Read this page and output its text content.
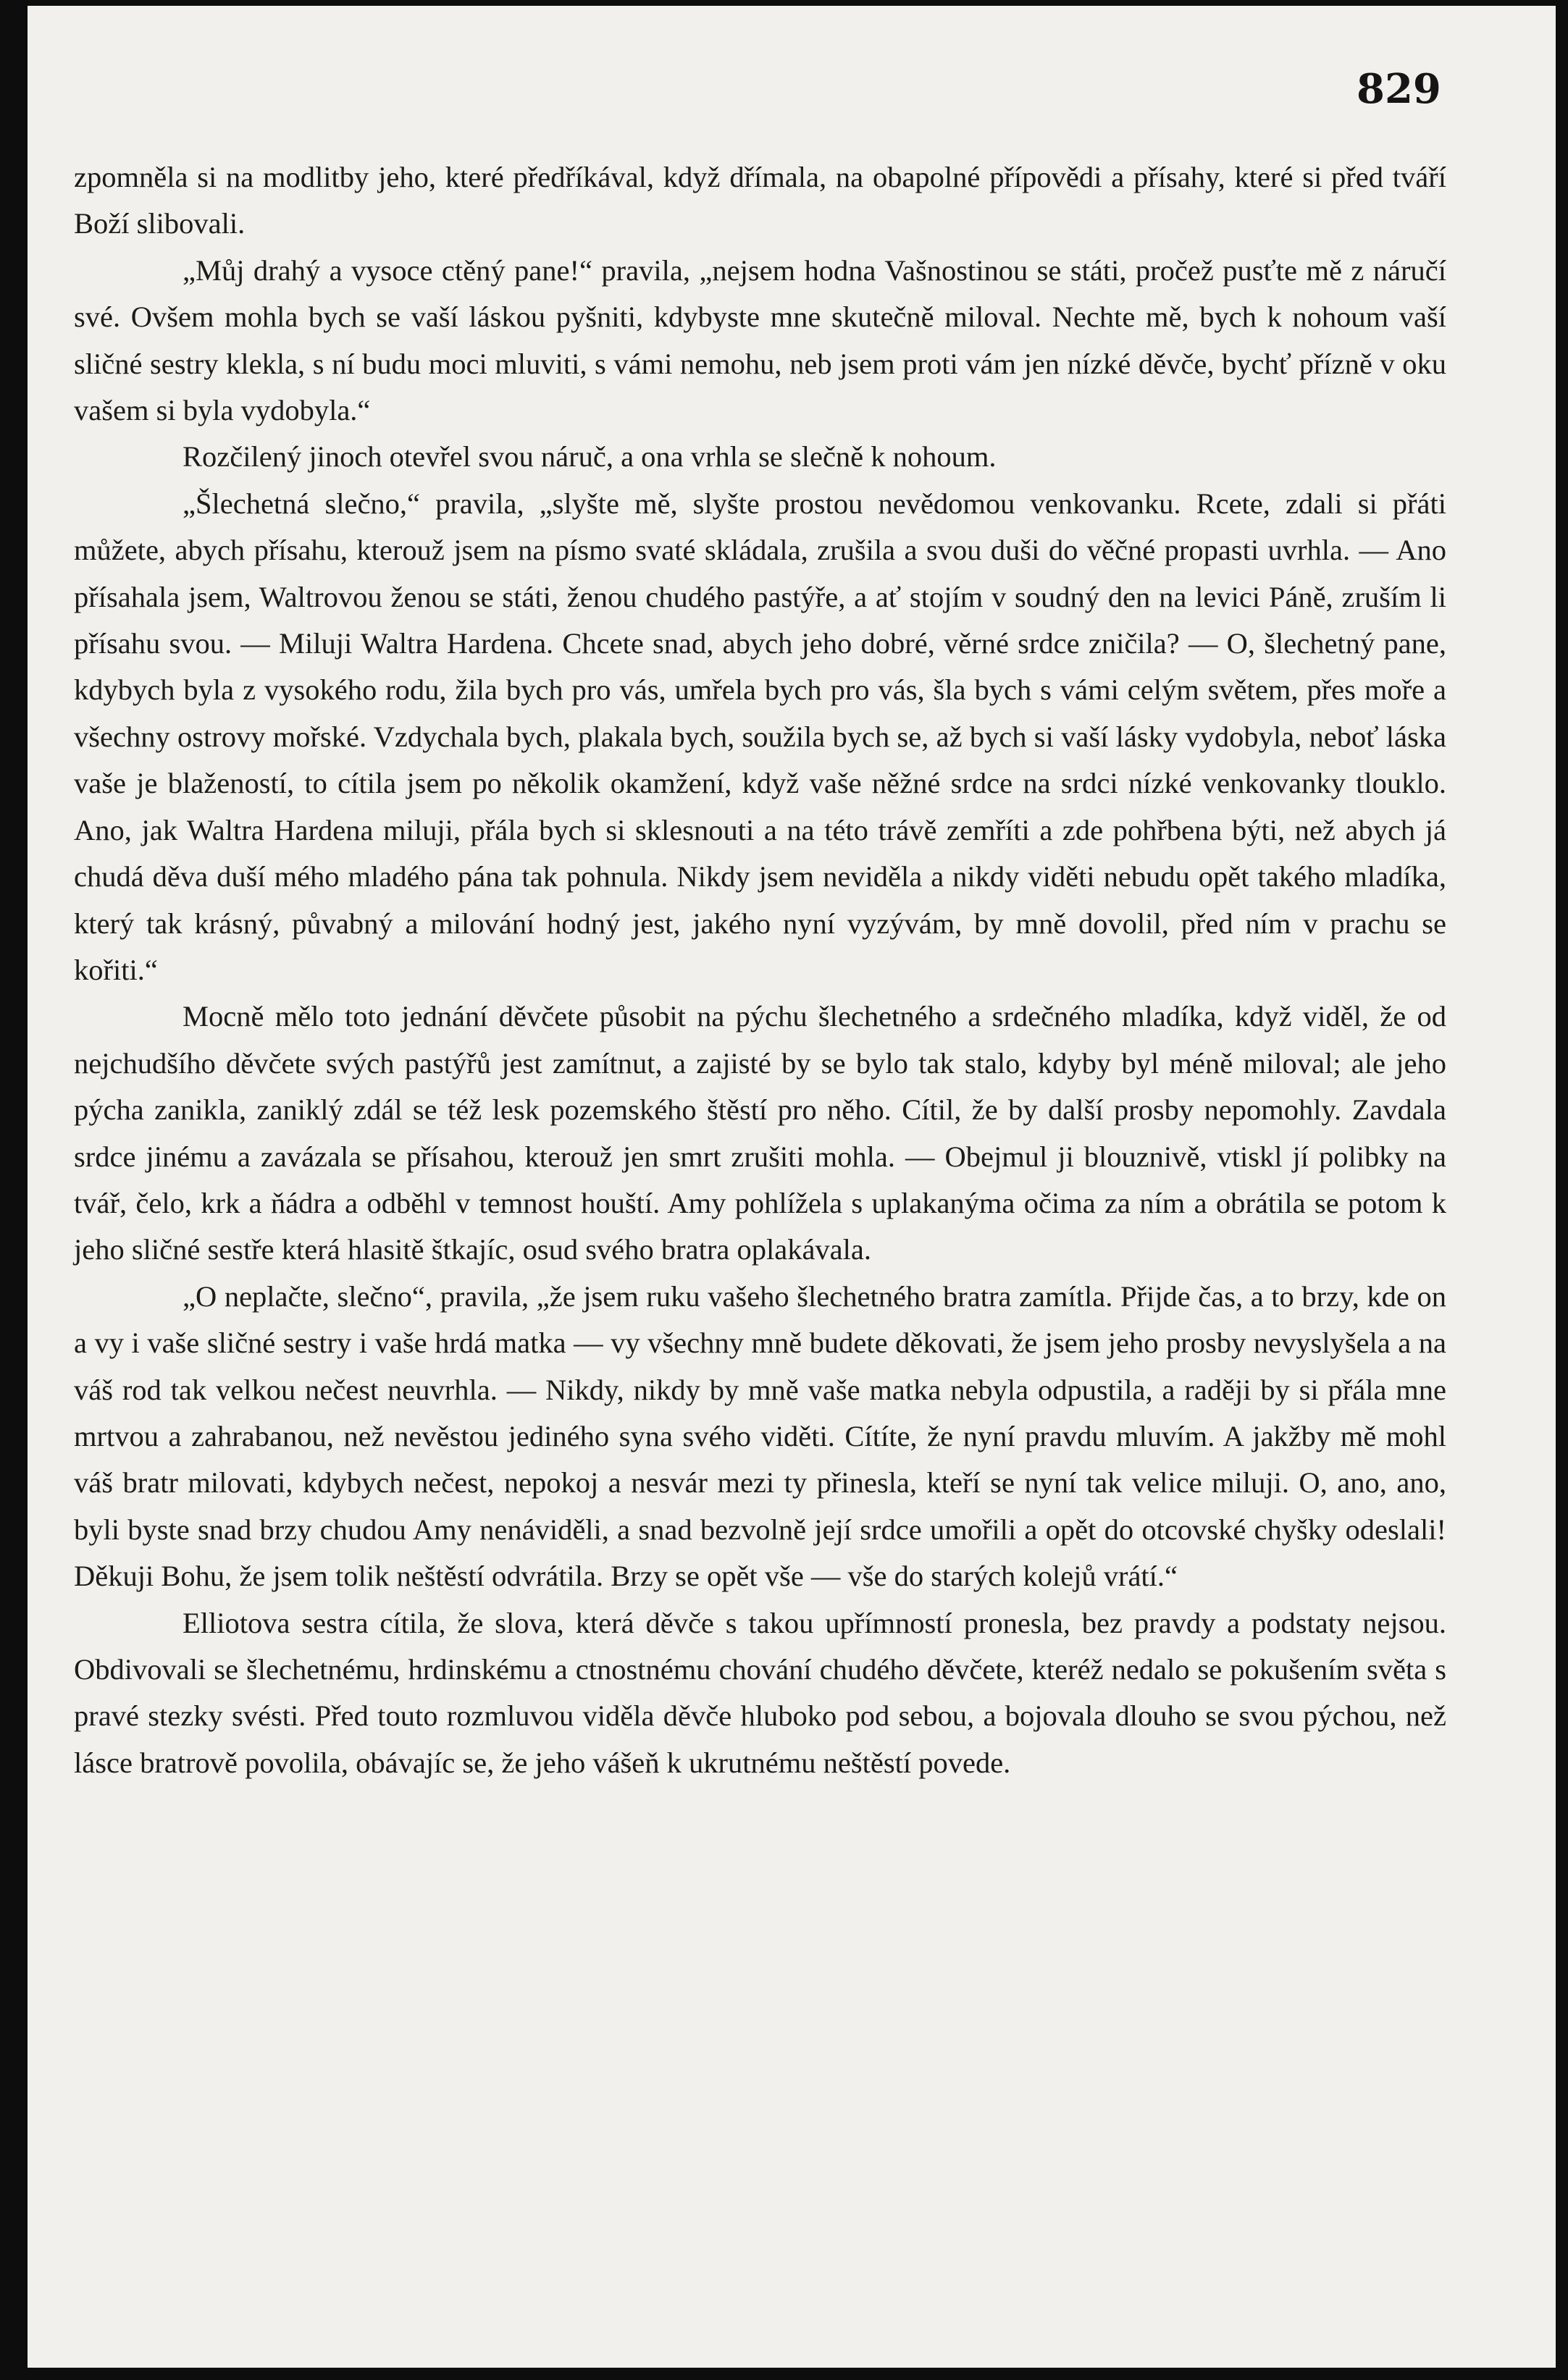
829

zpomněla si na modlitby jeho, které předříkával, když dřímala, na obapolné přípovědi a přísahy, které si před tváří Boží slibovali.

„Můj drahý a vysoce ctěný pane!“ pravila, „nejsem hodna Vašnostinou se státi, pročež pusťte mě z náručí své. Ovšem mohla bych se vaší láskou pyšniti, kdybyste mne skutečně miloval. Nechte mě, bych k nohoum vaší sličné sestry klekla, s ní budu moci mluviti, s vámi nemohu, neb jsem proti vám jen nízké děvče, bychť přízně v oku vašem si byla vydobyla.“

Rozčilený jinoch otevřel svou náruč, a ona vrhla se slečně k nohoum.

„Šlechetná slečno,“ pravila, „slyšte mě, slyšte prostou nevědomou venkovanku. Rcete, zdali si přáti můžete, abych přísahu, kterouž jsem na písmo svaté skládala, zrušila a svou duši do věčné propasti uvrhla. — Ano přísahala jsem, Waltrovou ženou se státi, ženou chudého pastýře, a ať stojím v soudný den na levici Páně, zruším li přísahu svou. — Miluji Waltra Hardena. Chcete snad, abych jeho dobré, věrné srdce zničila? — O, šlechetný pane, kdybych byla z vysokého rodu, žila bych pro vás, umřela bych pro vás, šla bych s vámi celým světem, přes moře a všechny ostrovy mořské. Vzdychala bych, plakala bych, soužila bych se, až bych si vaší lásky vydobyla, neboť láska vaše je blažeností, to cítila jsem po několik okamžení, když vaše něžné srdce na srdci nízké venkovanky tlouklo. Ano, jak Waltra Hardena miluji, přála bych si sklesnouti a na této trávě zemříti a zde pohřbena býti, než abych já chudá děva duší mého mladého pána tak pohnula. Nikdy jsem neviděla a nikdy viděti nebudu opět takého mladíka, který tak krásný, půvabný a milování hodný jest, jakého nyní vyzývám, by mně dovolil, před ním v prachu se kořiti.“

Mocně mělo toto jednání děvčete působit na pýchu šlechetného a srdečného mladíka, když viděl, že od nejchudšího děvčete svých pastýřů jest zamítnut, a zajisté by se bylo tak stalo, kdyby byl méně miloval; ale jeho pýcha zanikla, zaniklý zdál se též lesk pozemského štěstí pro něho. Cítil, že by další prosby nepomohly. Zavdala srdce jinému a zavázala se přísahou, kterouž jen smrt zrušiti mohla. — Obejmul ji blouznivě, vtiskl jí polibky na tvář, čelo, krk a ňádra a odběhl v temnost houští. Amy pohlížela s uplakanýma očima za ním a obrátila se potom k jeho sličné sestře která hlasitě štkajíc, osud svého bratra oplakávala.

„O neplačte, slečno“, pravila, „že jsem ruku vašeho šlechetného bratra zamítla. Přijde čas, a to brzy, kde on a vy i vaše sličné sestry i vaše hrdá matka — vy všechny mně budete děkovati, že jsem jeho prosby nevyslyšela a na váš rod tak velkou nečest neuvrhla. — Nikdy, nikdy by mně vaše matka nebyla odpustila, a raději by si přála mne mrtvou a zahrabanou, než nevěstou jediného syna svého viděti. Cítíte, že nyní pravdu mluvím. A jakžby mě mohl váš bratr milovati, kdybych nečest, nepokoj a nesvár mezi ty přinesla, kteří se nyní tak velice miluji. O, ano, ano, byli byste snad brzy chudou Amy nenáviděli, a snad bezvolně její srdce umořili a opět do otcovské chyšky odeslali! Děkuji Bohu, že jsem tolik neštěstí odvrátila. Brzy se opět vše — vše do starých kolejů vrátí.“

Elliotova sestra cítila, že slova, která děvče s takou upřímností pronesla, bez pravdy a podstaty nejsou. Obdivovali se šlechetnému, hrdinskému a ctnostnému chování chudého děvčete, kteréž nedalo se pokušením světa s pravé stezky svésti. Před touto rozmluvou viděla děvče hluboko pod sebou, a bojovala dlouho se svou pýchou, než lásce bratrově povolila, obávajíc se, že jeho vášeň k ukrutnému neštěstí povede.
